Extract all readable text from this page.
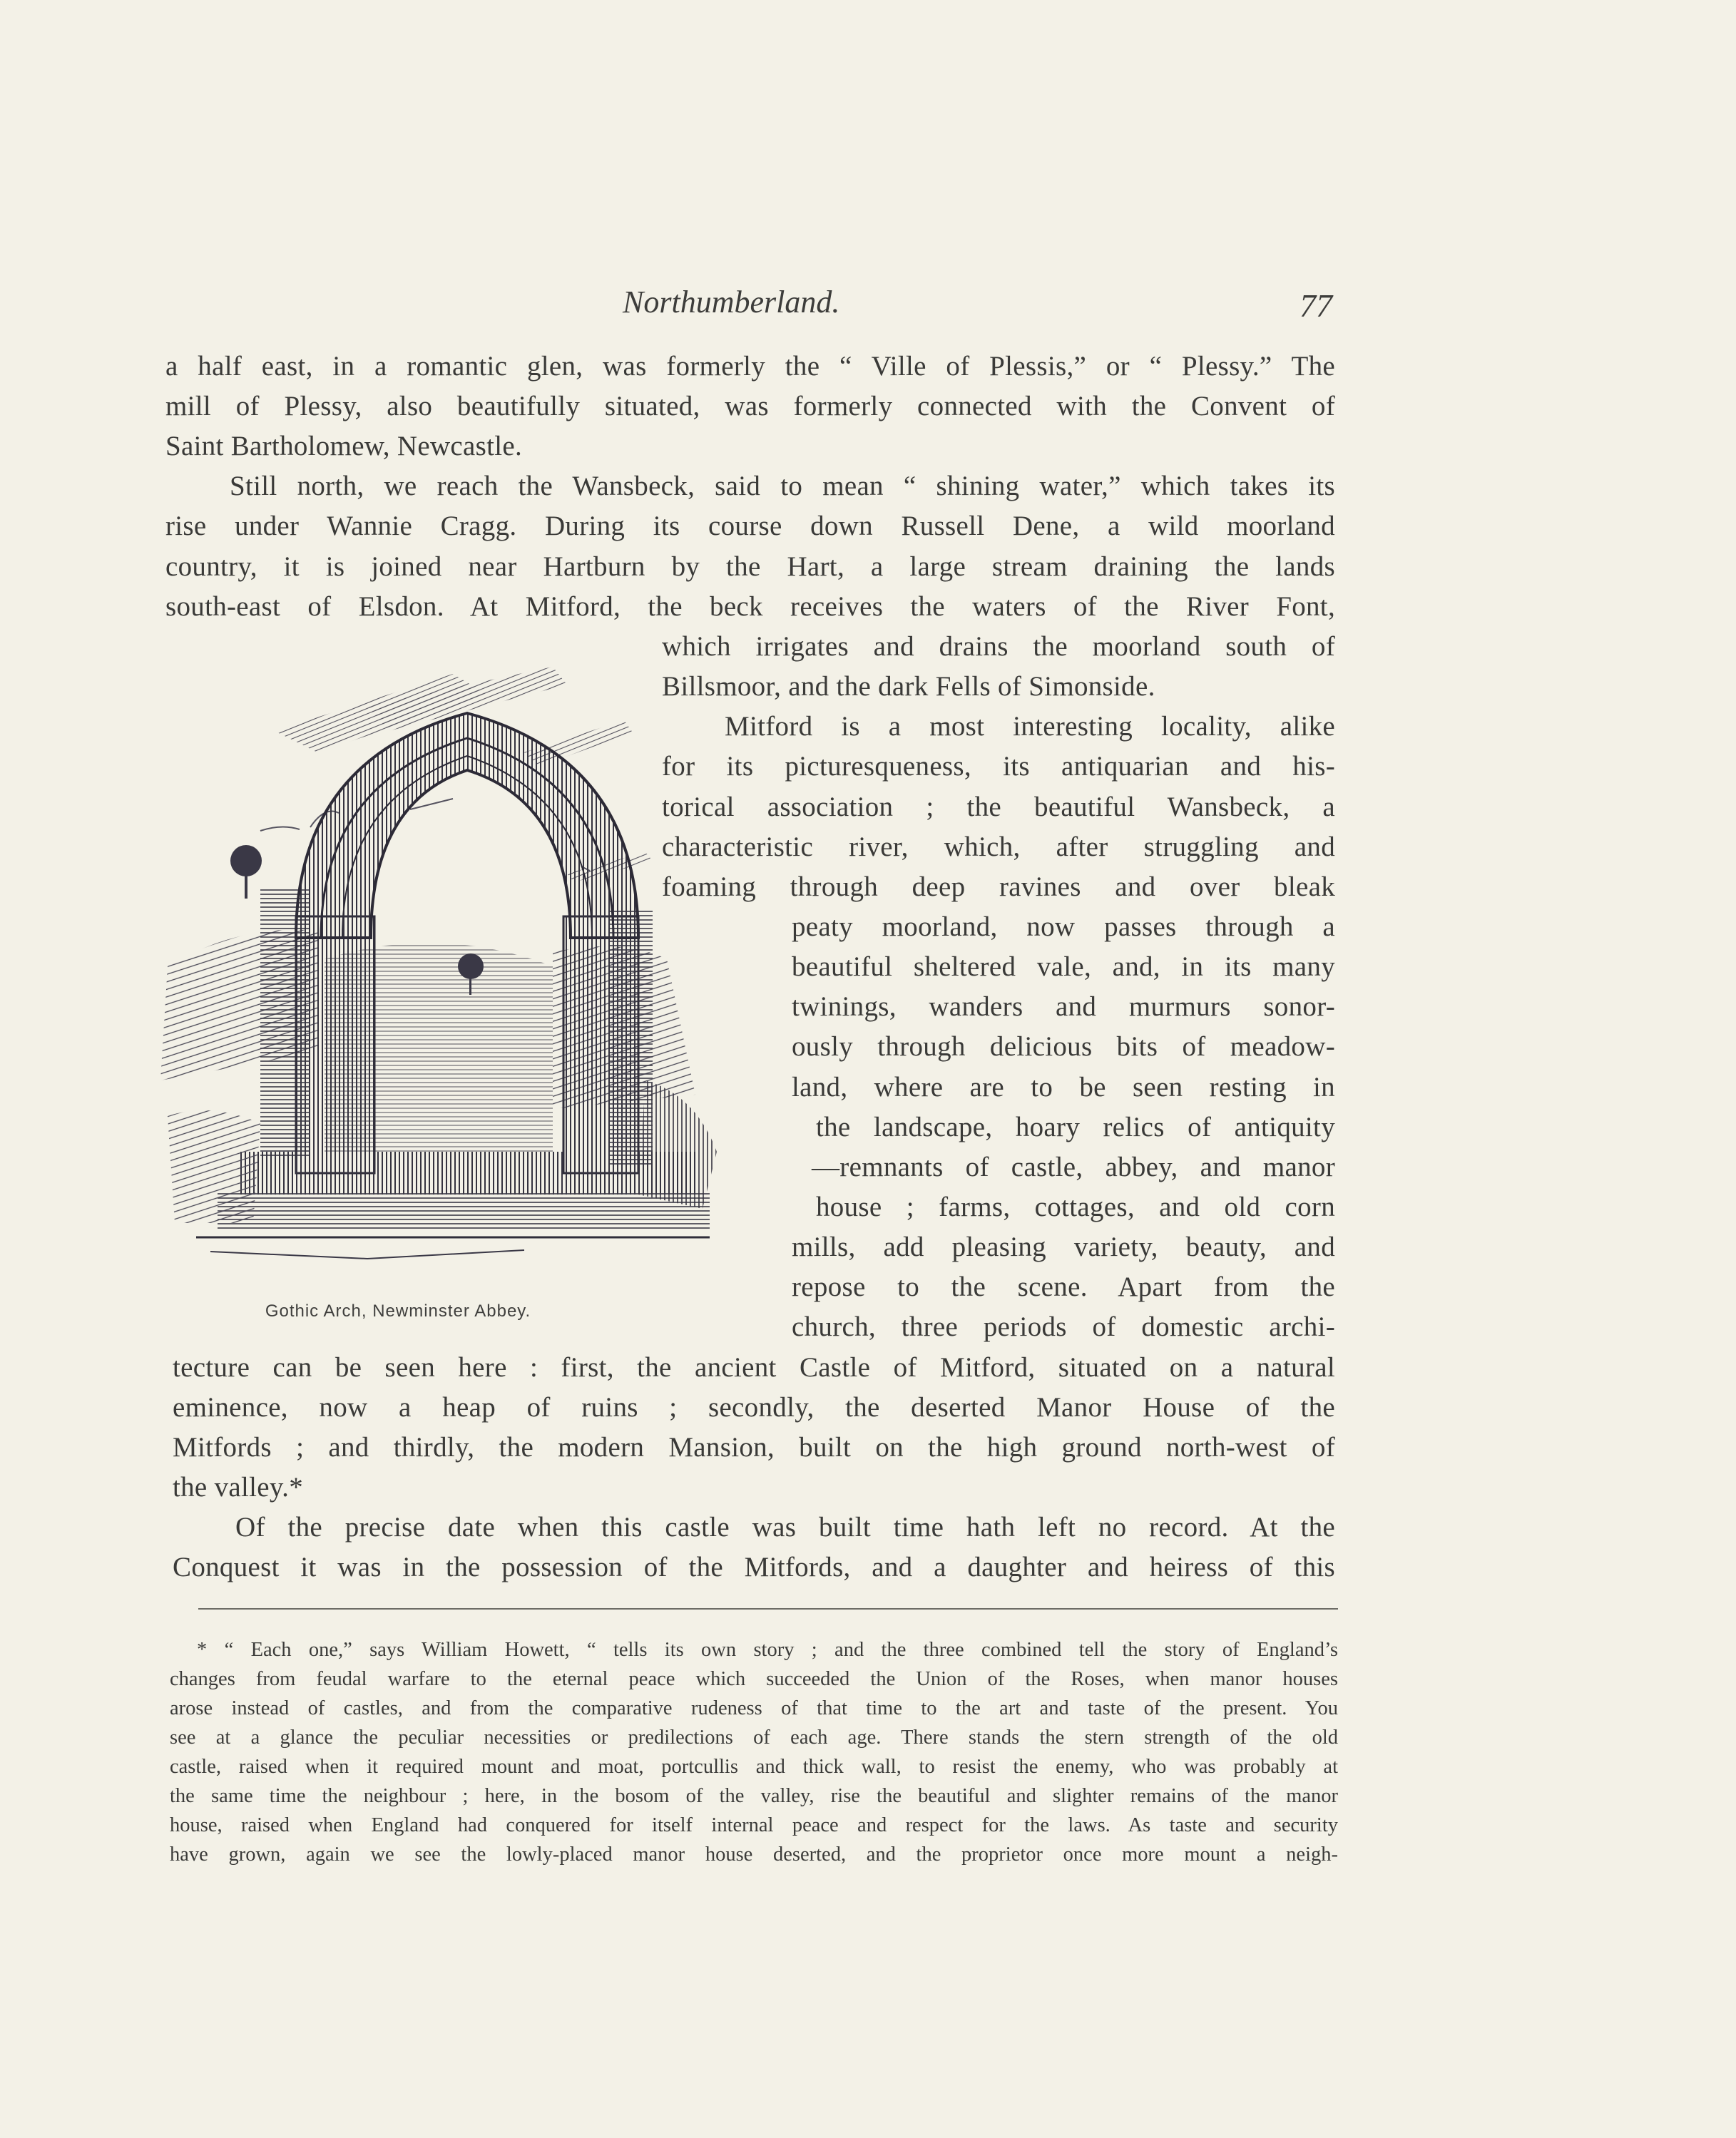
Northumberland.	77
a half east, in a romantic glen, was formerly the “ Ville of Plessis,” or “ Plessy.” The
mill of Plessy, also beautifully situated, was formerly connected with the Convent of
Saint Bartholomew, Newcastle.
Still north, we reach the Wansbeck, said to mean “ shining water,” which takes its
rise under Wannie Cragg. During its course down Russell Dene, a wild moorland
country, it is joined near Hartburn by the Hart, a large stream draining the lands
south-east of Elsdon. At Mitford, the beck receives the waters of the River Font,
which irrigates and drains the moorland south of
Billsmoor, and the dark Fells of Simonside.
Mitford is a most interesting locality, alike
for its picturesqueness, its antiquarian and his-
torical association ; the beautiful Wansbeck, a
characteristic river, which, after struggling and
foaming through deep ravines and over bleak
peaty moorland, now passes through a
beautiful sheltered vale, and, in its many
twinings, wanders and murmurs sonor-
ously through delicious bits of meadow-
land, where are to be seen resting in
the landscape, hoary relics of antiquity
—remnants of castle, abbey, and manor
house ; farms, cottages, and old corn
mills, add pleasing variety, beauty, and
repose to the scene. Apart from the
church, three periods of domestic archi-
tecture can be seen here : first, the ancient Castle of Mitford, situated on a natural
eminence, now a heap of ruins ; secondly, the deserted Manor House of the
Mitfords ; and thirdly, the modern Mansion, built on the high ground north-west of
the valley.*
Of the precise date when this castle was built time hath left no record. At the
Conquest it was in the possession of the Mitfords, and a daughter and heiress of this
Gothic Arch, Newminster Abbey.
* “ Each one,” says William Howett, “ tells its own story ; and the three combined tell the story of England’s
changes from feudal warfare to the eternal peace which succeeded the Union of the Roses, when manor houses
arose instead of castles, and from the comparative rudeness of that time to the art and taste of the present. You
see at a glance the peculiar necessities or predilections of each age. There stands the stern strength of the old
castle, raised when it required mount and moat, portcullis and thick wall, to resist the enemy, who was probably at
the same time the neighbour ; here, in the bosom of the valley, rise the beautiful and slighter remains of the manor
house, raised when England had conquered for itself internal peace and respect for the laws. As taste and security
have grown, again we see the lowly-placed manor house deserted, and the proprietor once more mount a neigh-
